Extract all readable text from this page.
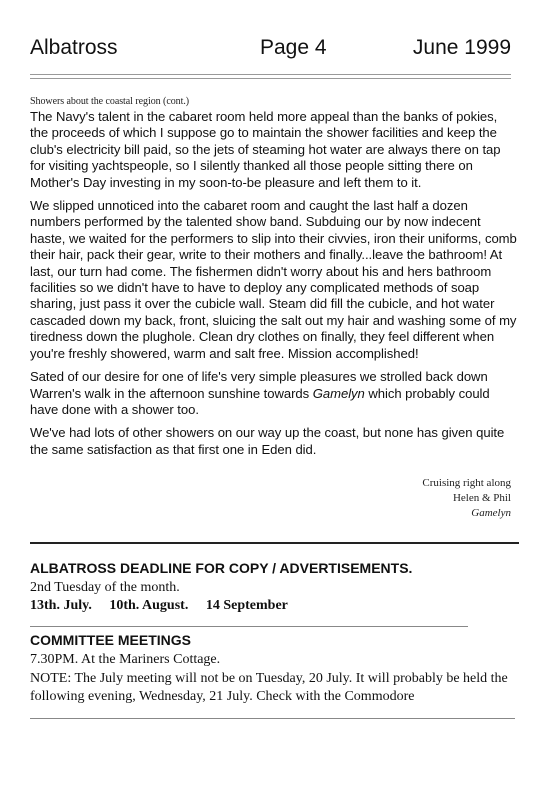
Albatross	Page 4	June 1999
Showers about the coastal region (cont.)

The Navy's talent in the cabaret room held more appeal than the banks of pokies, the proceeds of which I suppose go to maintain the shower facilities and keep the club's electricity bill paid, so the jets of steaming hot water are always there on tap for visiting yachtspeople, so I silently thanked all those people sitting there on Mother's Day investing in my soon-to-be pleasure and left them to it.

We slipped unnoticed into the cabaret room and caught the last half a dozen numbers performed by the talented show band. Subduing our by now indecent haste, we waited for the performers to slip into their civvies, iron their uniforms, comb their hair, pack their gear, write to their mothers and finally...leave the bathroom! At last, our turn had come. The fishermen didn't worry about his and hers bathroom facilities so we didn't have to have to deploy any complicated methods of soap sharing, just pass it over the cubicle wall. Steam did fill the cubicle, and hot water cascaded down my back, front, sluicing the salt out my hair and washing some of my tiredness down the plughole. Clean dry clothes on finally, they feel different when you're freshly showered, warm and salt free. Mission accomplished!

Sated of our desire for one of life's very simple pleasures we strolled back down Warren's walk in the afternoon sunshine towards Gamelyn which probably could have done with a shower too.

We've had lots of other showers on our way up the coast, but none has given quite the same satisfaction as that first one in Eden did.

Cruising right along
Helen & Phil
Gamelyn
ALBATROSS DEADLINE FOR COPY / ADVERTISEMENTS.
2nd Tuesday of the month.
13th. July. 10th. August. 14 September
COMMITTEE MEETINGS
7.30PM. At the Mariners Cottage.
NOTE: The July meeting will not be on Tuesday, 20 July. It will probably be held the following evening, Wednesday, 21 July. Check with the Commodore
